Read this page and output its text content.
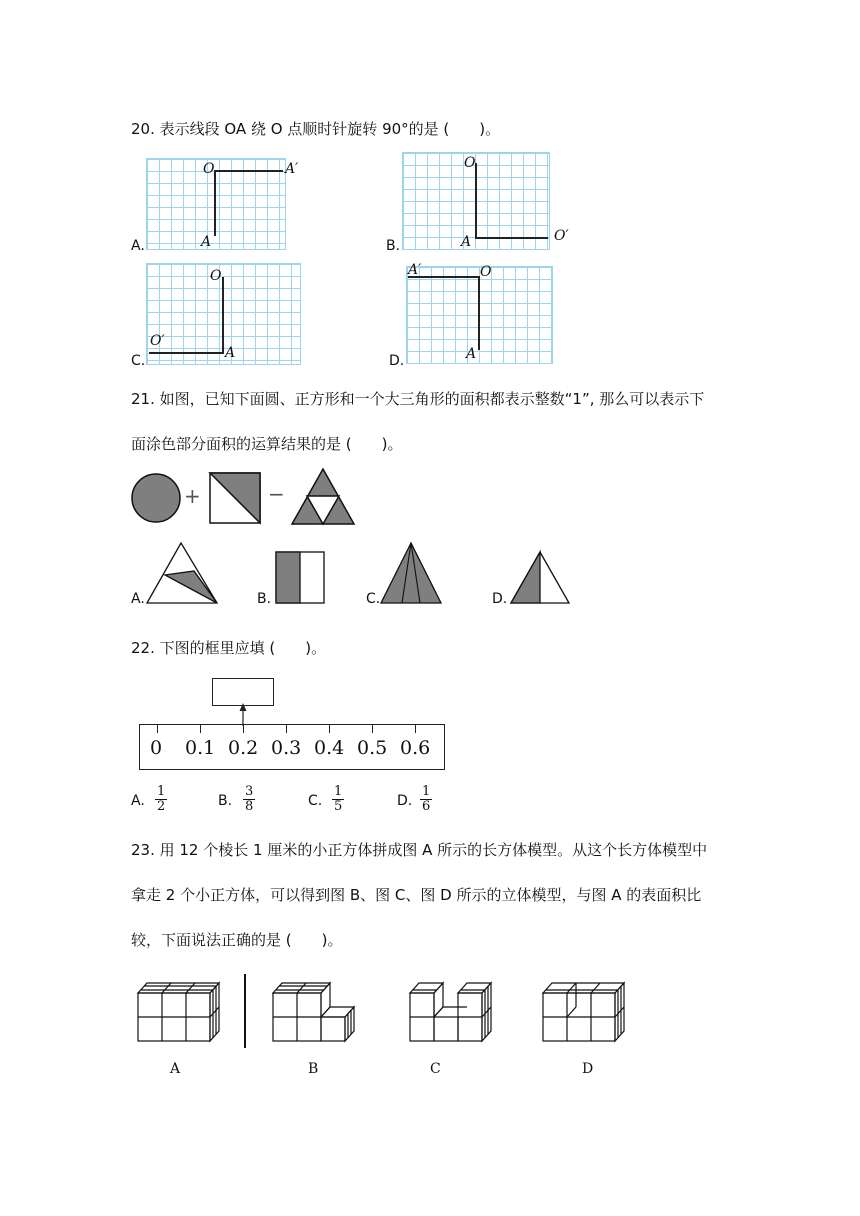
20. 表示线段 OA 绕 O 点顺时针旋转 90°的是 (　　)。
A.
O	A′
A	B.
O
A	O′
C.
O
O′
A	D.
A′	O
A
21. 如图，已知下面圆、正方形和一个大三角形的面积都表示整数“1”, 那么可以表示下
面涂色部分面积的运算结果的是 (　　)。
+	−
A.	B.	C.	D.
22. 下图的框里应填 (　　)。
0 0.1 0.2 0.3 0.4 0.5 0.6
A. $\frac{1}{2}$	B. $\frac{3}{8}$	C. $\frac{1}{5}$	D. $\frac{1}{6}$
23. 用 12 个棱长 1 厘米的小正方体拼成图 A 所示的长方体模型。从这个长方体模型中
拿走 2 个小正方体，可以得到图 B、图 C、图 D 所示的立体模型，与图 A 的表面积比
较，下面说法正确的是 (　　)。
A	B	C	D
